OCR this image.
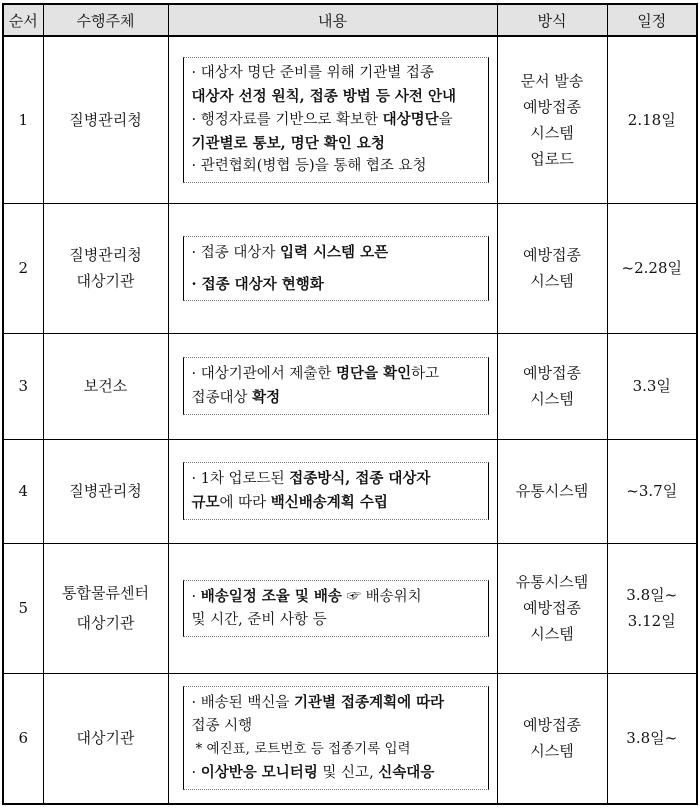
순서	수행주체	내용	방식	일정
1	질병관리청	· 대상자 명단 준비를 위해 기관별 접종
대상자 선정 원칙, 접종 방법 등 사전 안내
· 행정자료를 기반으로 확보한 대상명단을
기관별로 통보, 명단 확인 요청
· 관련협회(병협 등)을 통해 협조 요청	문서 발송
예방접종
시스템
업로드	2.18일

2	질병관리청
대상기관	· 접종 대상자 입력 시스템 오픈
· 접종 대상자 현행화	예방접종
시스템	~2.28일

3	보건소	· 대상기관에서 제출한 명단을 확인하고
접종대상 확정	예방접종
시스템	3.3일

4	질병관리청	· 1차 업로드된 접종방식, 접종 대상자
규모에 따라 백신배송계획 수립	유통시스템	~3.7일

5	통합물류센터
대상기관	· 배송일정 조율 및 배송 ☞ 배송위치
및 시간, 준비 사항 등	유통시스템
예방접종
시스템	3.8일~
3.12일

6	대상기관	· 배송된 백신을 기관별 접종계획에 따라
접종 시행
* 예진표, 로트번호 등 접종기록 입력
· 이상반응 모니터링 및 신고, 신속대응	예방접종
시스템	3.8일~
